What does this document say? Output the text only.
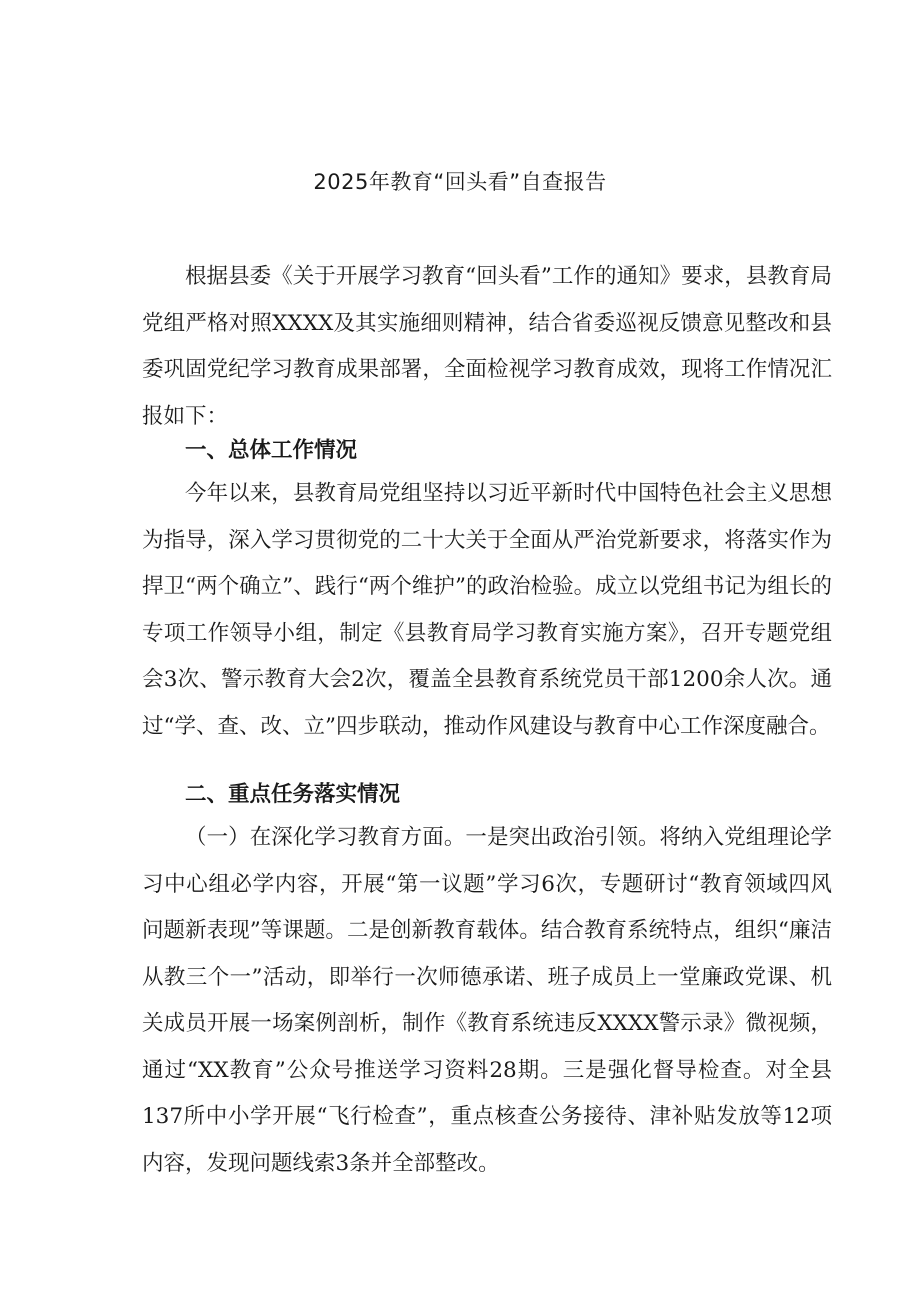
2025年教育“回头看”自查报告

根据县委《关于开展学习教育“回头看”工作的通知》要求，县教育局党组严格对照XXXX及其实施细则精神，结合省委巡视反馈意见整改和县委巩固党纪学习教育成果部署，全面检视学习教育成效，现将工作情况汇报如下：

一、总体工作情况

今年以来，县教育局党组坚持以习近平新时代中国特色社会主义思想为指导，深入学习贯彻党的二十大关于全面从严治党新要求，将落实作为捍卫“两个确立”、践行“两个维护”的政治检验。成立以党组书记为组长的专项工作领导小组，制定《县教育局学习教育实施方案》，召开专题党组会3次、警示教育大会2次，覆盖全县教育系统党员干部1200余人次。通过“学、查、改、立”四步联动，推动作风建设与教育中心工作深度融合。

二、重点任务落实情况

（一）在深化学习教育方面。一是突出政治引领。将纳入党组理论学习中心组必学内容，开展“第一议题”学习6次，专题研讨“教育领域四风问题新表现”等课题。二是创新教育载体。结合教育系统特点，组织“廉洁从教三个一”活动，即举行一次师德承诺、班子成员上一堂廉政党课、机关成员开展一场案例剖析，制作《教育系统违反XXXX警示录》微视频，通过“XX教育”公众号推送学习资料28期。三是强化督导检查。对全县137所中小学开展“飞行检查”，重点核查公务接待、津补贴发放等12项内容，发现问题线索3条并全部整改。
